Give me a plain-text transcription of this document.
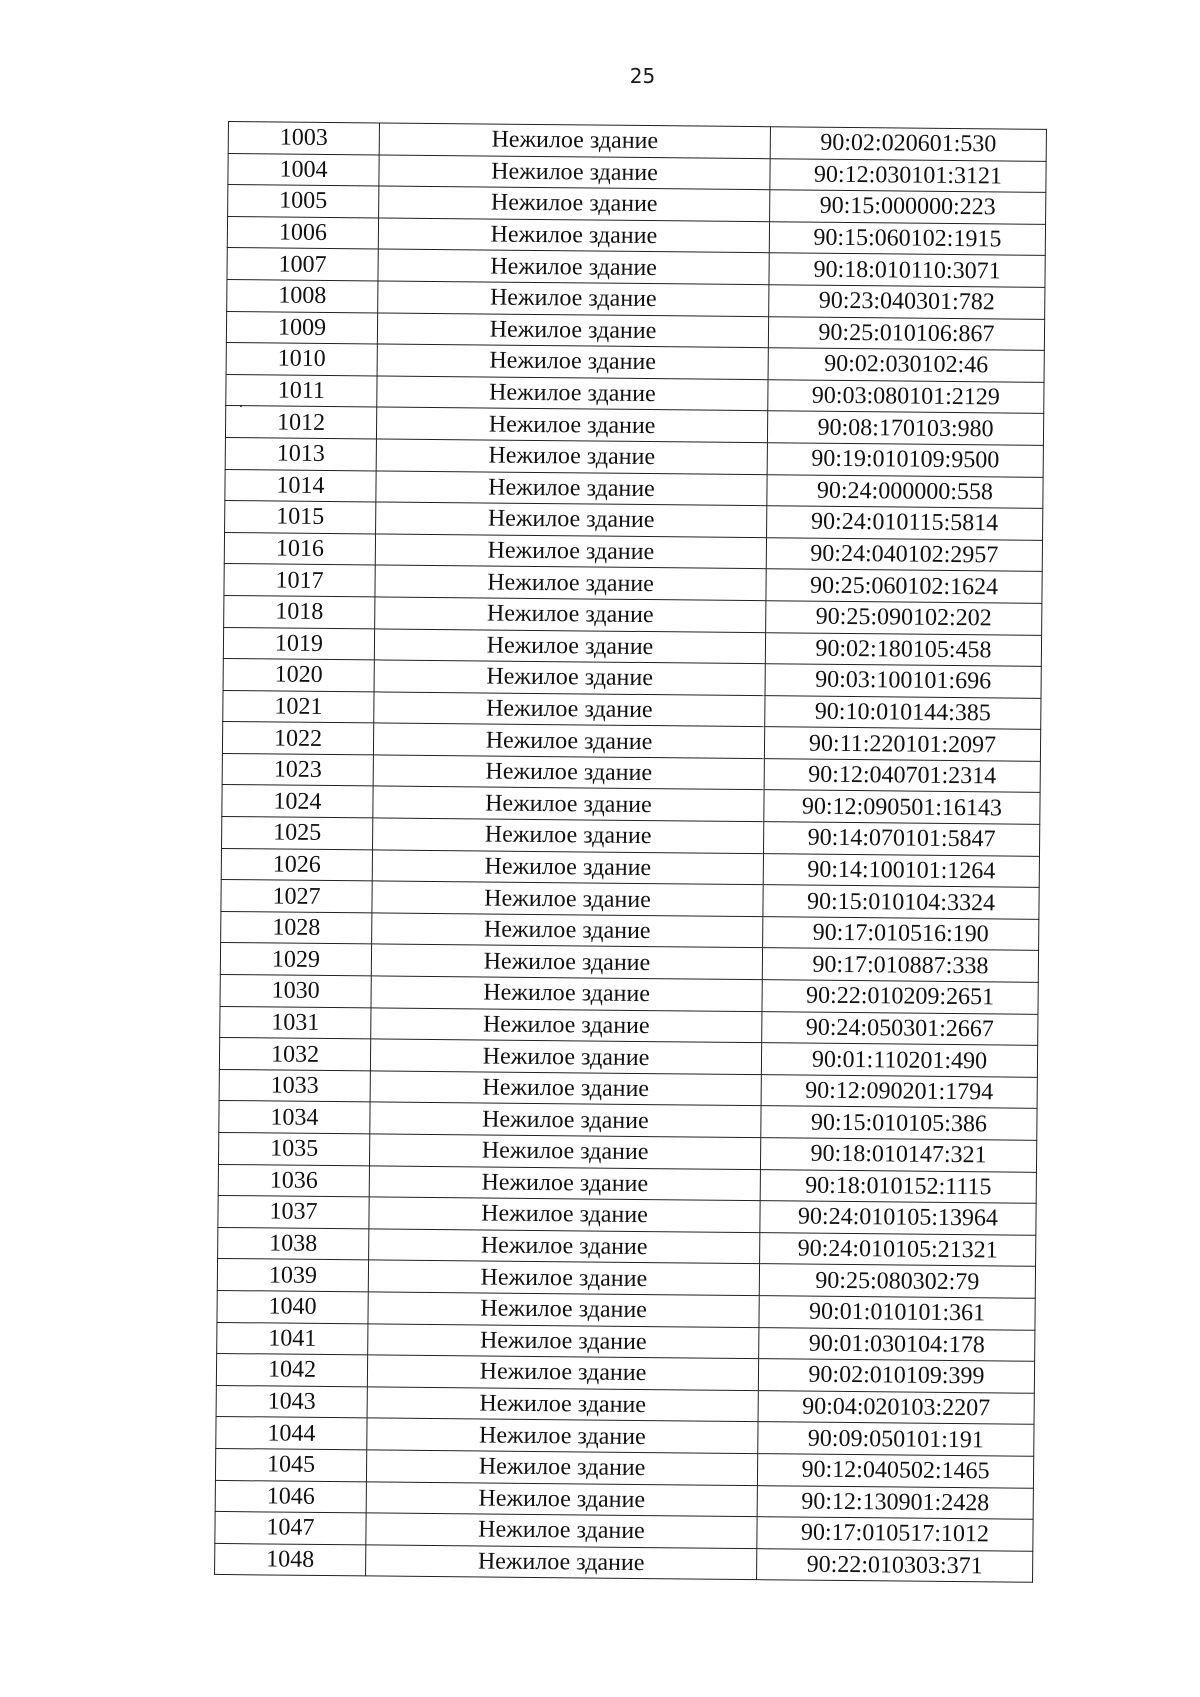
25
1003	Нежилое здание	90:02:020601:530
1004	Нежилое здание	90:12:030101:3121
1005	Нежилое здание	90:15:000000:223
1006	Нежилое здание	90:15:060102:1915
1007	Нежилое здание	90:18:010110:3071
1008	Нежилое здание	90:23:040301:782
1009	Нежилое здание	90:25:010106:867
1010	Нежилое здание	90:02:030102:46
1011	Нежилое здание	90:03:080101:2129
1012	Нежилое здание	90:08:170103:980
1013	Нежилое здание	90:19:010109:9500
1014	Нежилое здание	90:24:000000:558
1015	Нежилое здание	90:24:010115:5814
1016	Нежилое здание	90:24:040102:2957
1017	Нежилое здание	90:25:060102:1624
1018	Нежилое здание	90:25:090102:202
1019	Нежилое здание	90:02:180105:458
1020	Нежилое здание	90:03:100101:696
1021	Нежилое здание	90:10:010144:385
1022	Нежилое здание	90:11:220101:2097
1023	Нежилое здание	90:12:040701:2314
1024	Нежилое здание	90:12:090501:16143
1025	Нежилое здание	90:14:070101:5847
1026	Нежилое здание	90:14:100101:1264
1027	Нежилое здание	90:15:010104:3324
1028	Нежилое здание	90:17:010516:190
1029	Нежилое здание	90:17:010887:338
1030	Нежилое здание	90:22:010209:2651
1031	Нежилое здание	90:24:050301:2667
1032	Нежилое здание	90:01:110201:490
1033	Нежилое здание	90:12:090201:1794
1034	Нежилое здание	90:15:010105:386
1035	Нежилое здание	90:18:010147:321
1036	Нежилое здание	90:18:010152:1115
1037	Нежилое здание	90:24:010105:13964
1038	Нежилое здание	90:24:010105:21321
1039	Нежилое здание	90:25:080302:79
1040	Нежилое здание	90:01:010101:361
1041	Нежилое здание	90:01:030104:178
1042	Нежилое здание	90:02:010109:399
1043	Нежилое здание	90:04:020103:2207
1044	Нежилое здание	90:09:050101:191
1045	Нежилое здание	90:12:040502:1465
1046	Нежилое здание	90:12:130901:2428
1047	Нежилое здание	90:17:010517:1012
1048	Нежилое здание	90:22:010303:371
